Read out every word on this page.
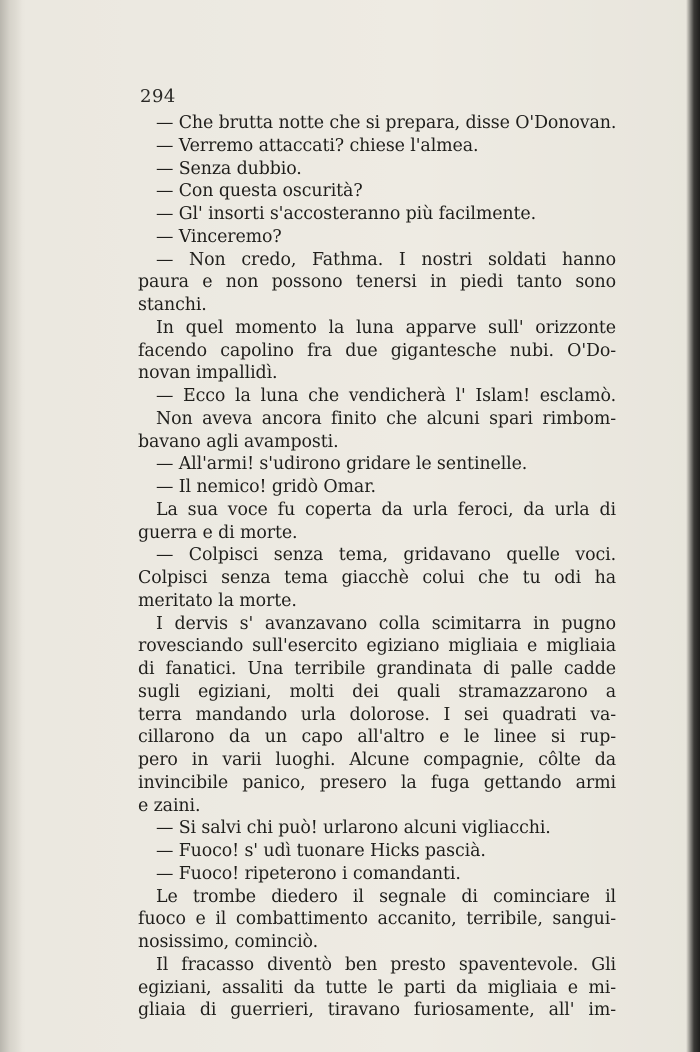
294
— Che brutta notte che si prepara, disse O'Donovan.
— Verremo attaccati? chiese l'almea.
— Senza dubbio.
— Con questa oscurità?
— Gl' insorti s'accosteranno più facilmente.
— Vinceremo?
— Non credo, Fathma. I nostri soldati hanno
paura e non possono tenersi in piedi tanto sono
stanchi.
In quel momento la luna apparve sull' orizzonte
facendo capolino fra due gigantesche nubi. O'Do-
novan impallidì.
— Ecco la luna che vendicherà l' Islam! esclamò.
Non aveva ancora finito che alcuni spari rimbom-
bavano agli avamposti.
— All'armi! s'udirono gridare le sentinelle.
— Il nemico! gridò Omar.
La sua voce fu coperta da urla feroci, da urla di
guerra e di morte.
— Colpisci senza tema, gridavano quelle voci.
Colpisci senza tema giacchè colui che tu odi ha
meritato la morte.
I dervis s' avanzavano colla scimitarra in pugno
rovesciando sull'esercito egiziano migliaia e migliaia
di fanatici. Una terribile grandinata di palle cadde
sugli egiziani, molti dei quali stramazzarono a
terra mandando urla dolorose. I sei quadrati va-
cillarono da un capo all'altro e le linee si rup-
pero in varii luoghi. Alcune compagnie, côlte da
invincibile panico, presero la fuga gettando armi
e zaini.
— Si salvi chi può! urlarono alcuni vigliacchi.
— Fuoco! s' udì tuonare Hicks pascià.
— Fuoco! ripeterono i comandanti.
Le trombe diedero il segnale di cominciare il
fuoco e il combattimento accanito, terribile, sangui-
nosissimo, cominciò.
Il fracasso diventò ben presto spaventevole. Gli
egiziani, assaliti da tutte le parti da migliaia e mi-
gliaia di guerrieri, tiravano furiosamente, all' im-
